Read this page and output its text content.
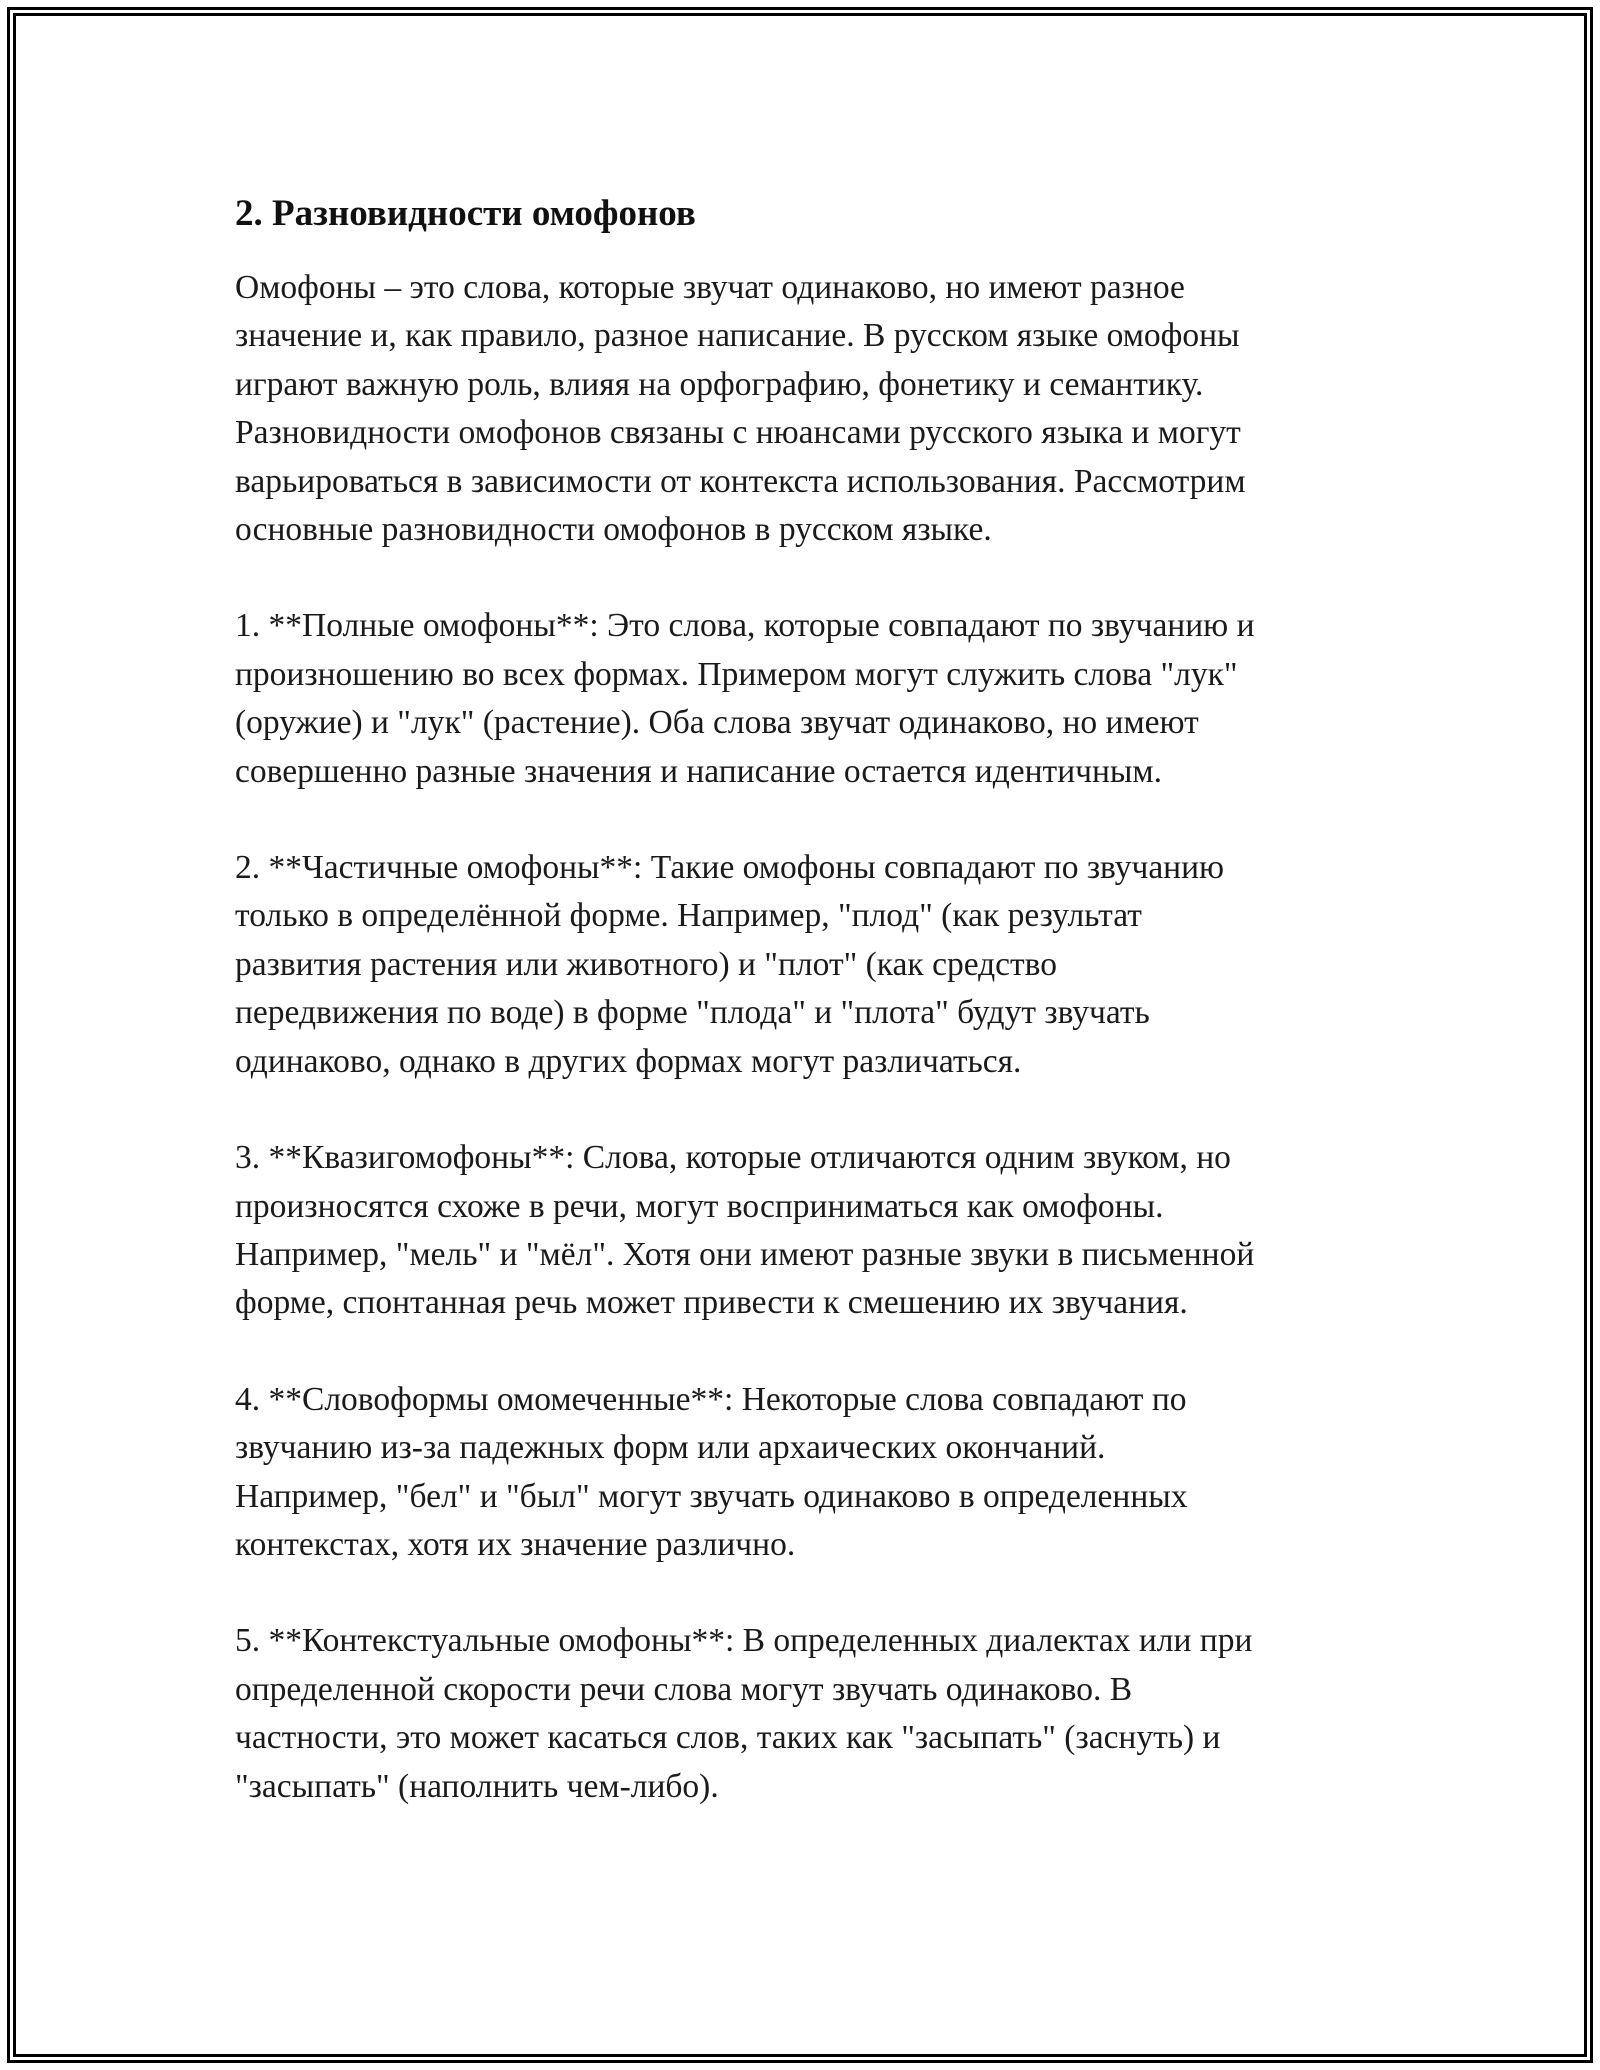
2. Разновидности омофонов

Омофоны – это слова, которые звучат одинаково, но имеют разное
значение и, как правило, разное написание. В русском языке омофоны
играют важную роль, влияя на орфографию, фонетику и семантику.
Разновидности омофонов связаны с нюансами русского языка и могут
варьироваться в зависимости от контекста использования. Рассмотрим
основные разновидности омофонов в русском языке.

1. **Полные омофоны**: Это слова, которые совпадают по звучанию и
произношению во всех формах. Примером могут служить слова "лук"
(оружие) и "лук" (растение). Оба слова звучат одинаково, но имеют
совершенно разные значения и написание остается идентичным.

2. **Частичные омофоны**: Такие омофоны совпадают по звучанию
только в определённой форме. Например, "плод" (как результат
развития растения или животного) и "плот" (как средство
передвижения по воде) в форме "плода" и "плота" будут звучать
одинаково, однако в других формах могут различаться.

3. **Квазигомофоны**: Слова, которые отличаются одним звуком, но
произносятся схоже в речи, могут восприниматься как омофоны.
Например, "мель" и "мёл". Хотя они имеют разные звуки в письменной
форме, спонтанная речь может привести к смешению их звучания.

4. **Словоформы омомеченные**: Некоторые слова совпадают по
звучанию из-за падежных форм или архаических окончаний.
Например, "бел" и "был" могут звучать одинаково в определенных
контекстах, хотя их значение различно.

5. **Контекстуальные омофоны**: В определенных диалектах или при
определенной скорости речи слова могут звучать одинаково. В
частности, это может касаться слов, таких как "засыпать" (заснуть) и
"засыпать" (наполнить чем-либо).
